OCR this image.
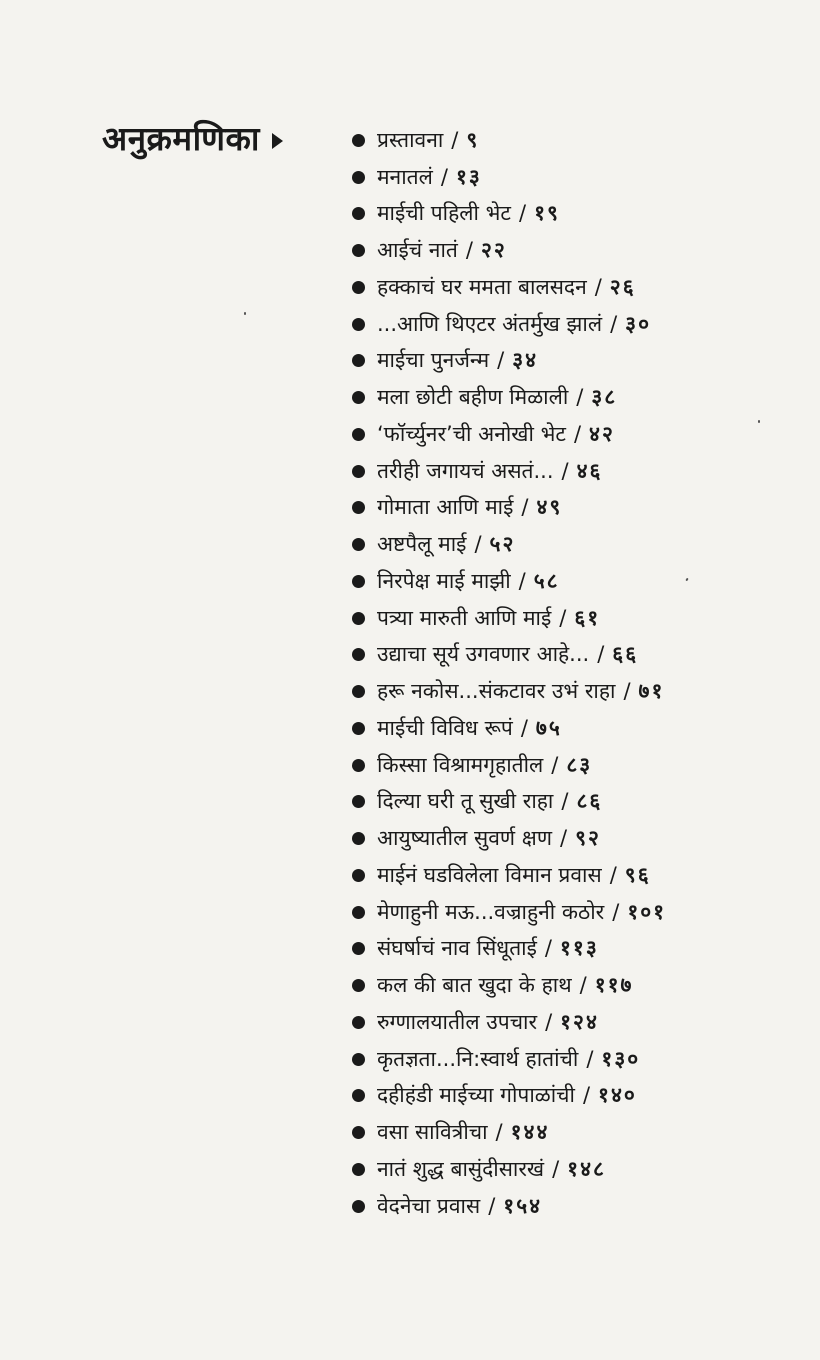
अनुक्रमणिका	प्रस्तावना / ९
मनातलं / १३
माईची पहिली भेट / १९
आईचं नातं / २२
हक्काचं घर ममता बालसदन / २६
...आणि थिएटर अंतर्मुख झालं / ३०
माईचा पुनर्जन्म / ३४
मला छोटी बहीण मिळाली / ३८
‘फॉर्च्युनर’ची अनोखी भेट / ४२
तरीही जगायचं असतं... / ४६
गोमाता आणि माई / ४९
अष्टपैलू माई / ५२
निरपेक्ष माई माझी / ५८
पत्र्या मारुती आणि माई / ६१
उद्याचा सूर्य उगवणार आहे... / ६६
हरू नकोस...संकटावर उभं राहा / ७१
माईची विविध रूपं / ७५
किस्सा विश्रामगृहातील / ८३
दिल्या घरी तू सुखी राहा / ८६
आयुष्यातील सुवर्ण क्षण / ९२
माईनं घडविलेला विमान प्रवास / ९६
मेणाहुनी मऊ...वज्राहुनी कठोर / १०१
संघर्षाचं नाव सिंधूताई / ११३
कल की बात खुदा के हाथ / ११७
रुग्णालयातील उपचार / १२४
कृतज्ञता...नि:स्वार्थ हातांची / १३०
दहीहंडी माईच्या गोपाळांची / १४०
वसा सावित्रीचा / १४४
नातं शुद्ध बासुंदीसारखं / १४८
वेदनेचा प्रवास / १५४
